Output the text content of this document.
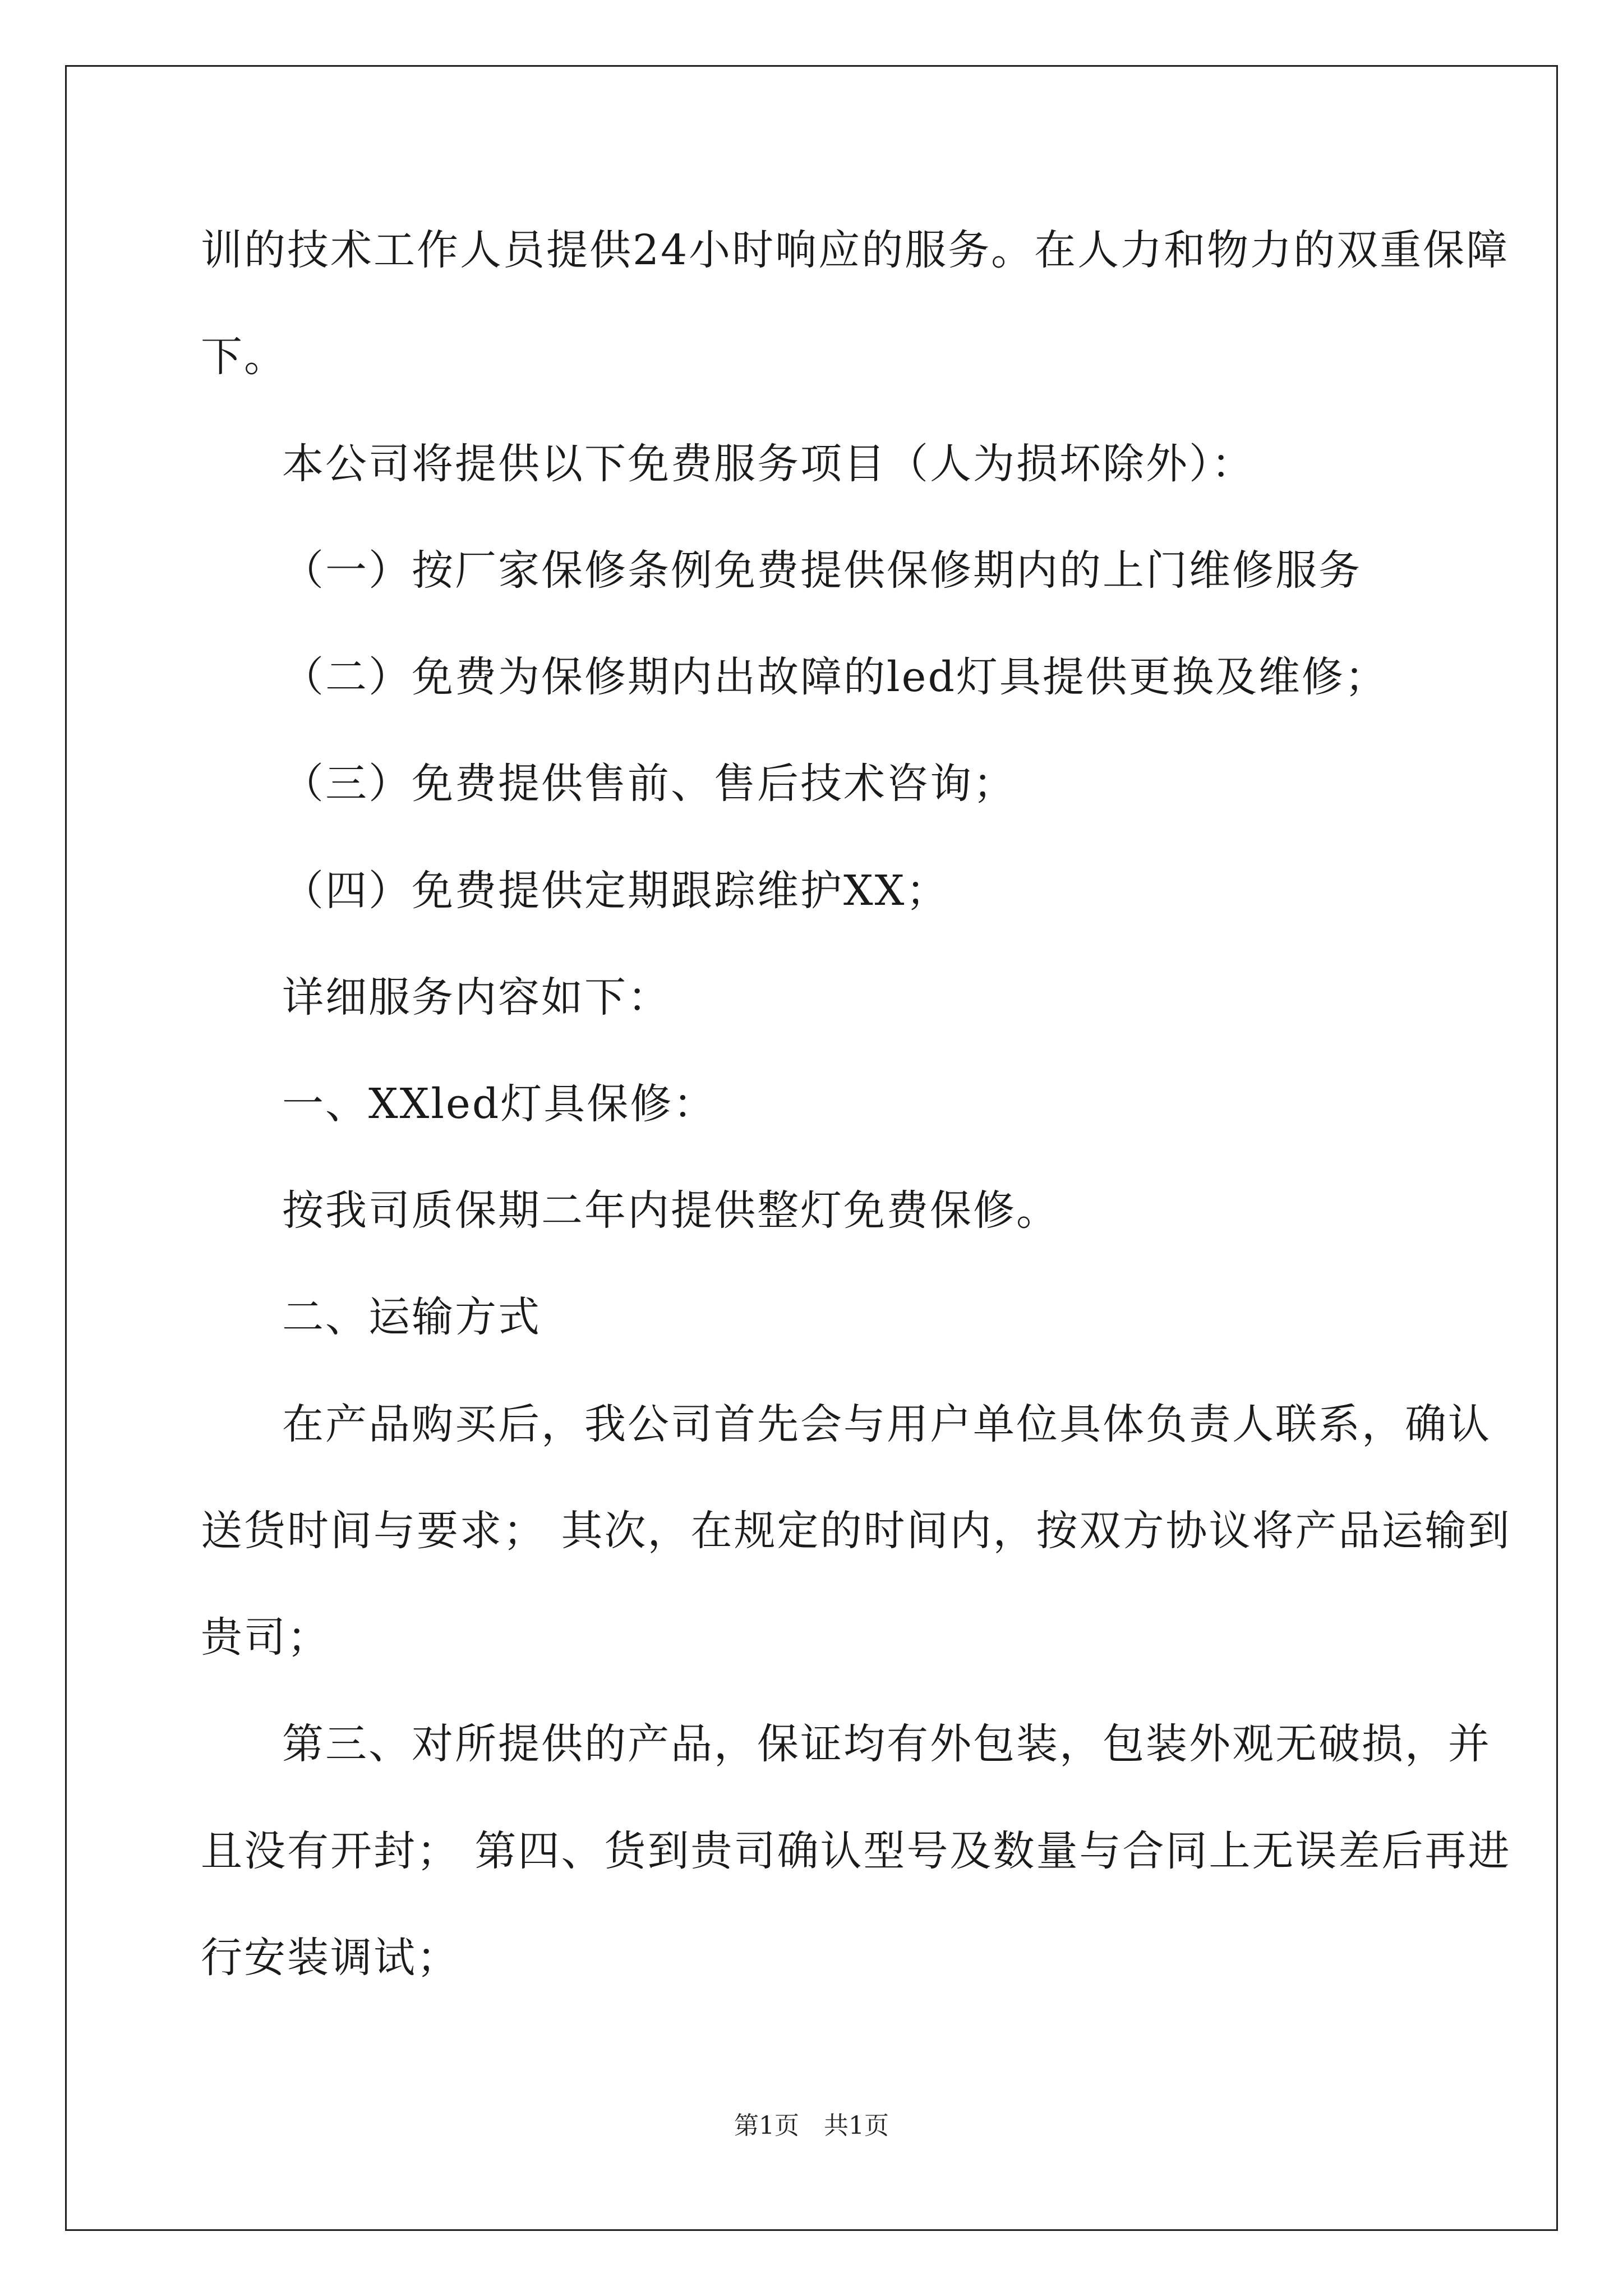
训的技术工作人员提供24小时响应的服务。在人力和物力的双重保障
下。
本公司将提供以下免费服务项目（人为损坏除外）：
（一）按厂家保修条例免费提供保修期内的上门维修服务
（二）免费为保修期内出故障的led灯具提供更换及维修；
（三）免费提供售前、售后技术咨询；
（四）免费提供定期跟踪维护XX；
详细服务内容如下：
一、XXled灯具保修：
按我司质保期二年内提供整灯免费保修。
二、运输方式
在产品购买后，我公司首先会与用户单位具体负责人联系，确认
送货时间与要求； 其次，在规定的时间内，按双方协议将产品运输到
贵司；
第三、对所提供的产品，保证均有外包装，包装外观无破损，并
且没有开封； 第四、货到贵司确认型号及数量与合同上无误差后再进
行安装调试；
第1页　共1页
